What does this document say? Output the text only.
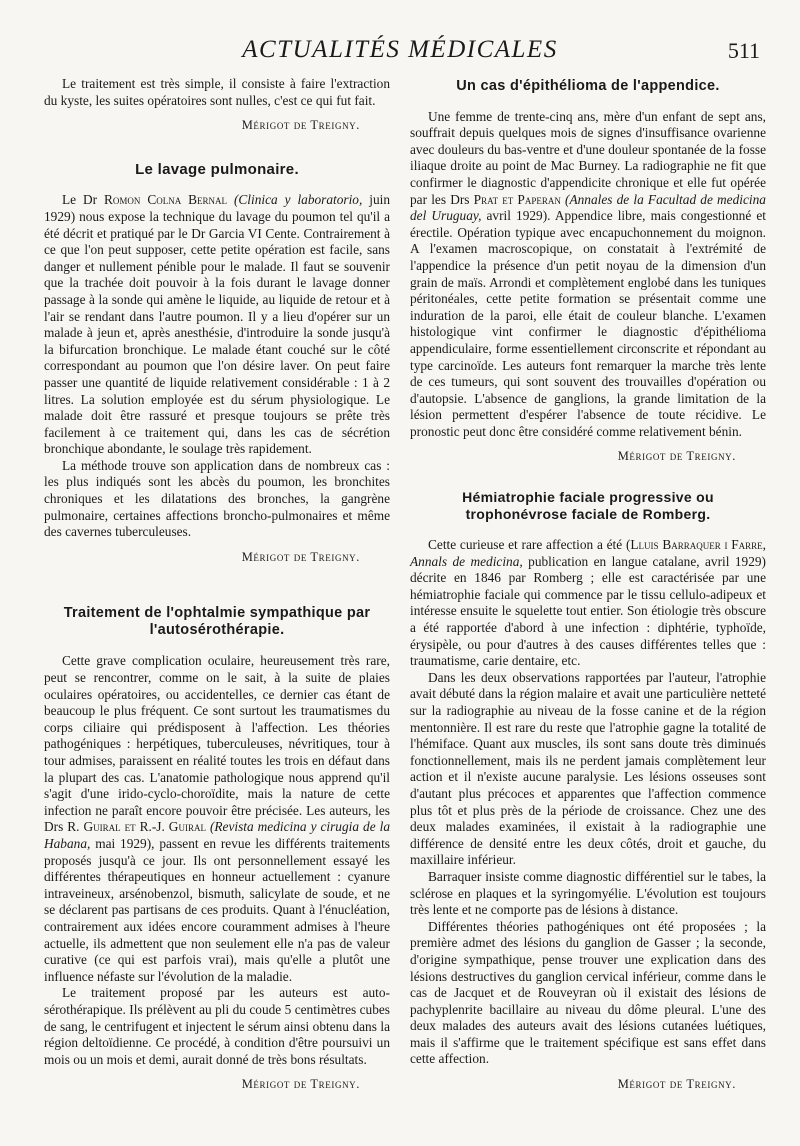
ACTUALITÉS MÉDICALES	511

Le traitement est très simple, il consiste à faire l'extraction du kyste, les suites opératoires sont nulles, c'est ce qui fut fait.

Mérigot de Treigny.
Le lavage pulmonaire.

Le Dr Romon Colna Bernal (Clinica y laboratorio, juin 1929) nous expose la technique du lavage du poumon tel qu'il a été décrit et pratiqué par le Dr Garcia VI Cente. Contrairement à ce que l'on peut supposer, cette petite opération est facile, sans danger et nullement pénible pour le malade. Il faut se souvenir que la trachée doit pouvoir à la fois durant le lavage donner passage à la sonde qui amène le liquide, au liquide de retour et à l'air se rendant dans l'autre poumon. Il y a lieu d'opérer sur un malade à jeun et, après anesthésie, d'introduire la sonde jusqu'à la bifurcation bronchique. Le malade étant couché sur le côté correspondant au poumon que l'on désire laver. On peut faire passer une quantité de liquide relativement considérable : 1 à 2 litres. La solution employée est du sérum physiologique. Le malade doit être rassuré et presque toujours se prête très facilement à ce traitement qui, dans les cas de sécrétion bronchique abondante, le soulage très rapidement.

La méthode trouve son application dans de nombreux cas : les plus indiqués sont les abcès du poumon, les bronchites chroniques et les dilatations des bronches, la gangrène pulmonaire, certaines affections broncho-pulmonaires et même des cavernes tuberculeuses.

Mérigot de Treigny.
Traitement de l'ophtalmie sympathique par l'autosérothérapie.

Cette grave complication oculaire, heureusement très rare, peut se rencontrer, comme on le sait, à la suite de plaies oculaires opératoires, ou accidentelles, ce dernier cas étant de beaucoup le plus fréquent. Ce sont surtout les traumatismes du corps ciliaire qui prédisposent à l'affection. Les théories pathogéniques : herpétiques, tuberculeuses, névritiques, tour à tour admises, paraissent en réalité toutes les trois en défaut dans la plupart des cas. L'anatomie pathologique nous apprend qu'il s'agit d'une irido-cyclo-choroïdite, mais la nature de cette infection ne paraît encore pouvoir être précisée. Les auteurs, les Drs R. Guiral et R.-J. Guiral (Revista medicina y cirugia de la Habana, mai 1929), passent en revue les différents traitements proposés jusqu'à ce jour. Ils ont personnellement essayé les différentes thérapeutiques en honneur actuellement : cyanure intraveineux, arsénobenzol, bismuth, salicylate de soude, et ne se déclarent pas partisans de ces produits. Quant à l'énucléation, contrairement aux idées encore couramment admises à l'heure actuelle, ils admettent que non seulement elle n'a pas de valeur curative (ce qui est parfois vrai), mais qu'elle a plutôt une influence néfaste sur l'évolution de la maladie.

Le traitement proposé par les auteurs est auto-sérothérapique. Ils prélèvent au pli du coude 5 centimètres cubes de sang, le centrifugent et injectent le sérum ainsi obtenu dans la région deltoïdienne. Ce procédé, à condition d'être poursuivi un mois ou un mois et demi, aurait donné de très bons résultats.

Mérigot de Treigny.
Un cas d'épithélioma de l'appendice.

Une femme de trente-cinq ans, mère d'un enfant de sept ans, souffrait depuis quelques mois de signes d'insuffisance ovarienne avec douleurs du bas-ventre et d'une douleur spontanée de la fosse iliaque droite au point de Mac Burney. La radiographie ne fit que confirmer le diagnostic d'appendicite chronique et elle fut opérée par les Drs Prat et Paperan (Annales de la Facultad de medicina del Uruguay, avril 1929). Appendice libre, mais congestionné et érectile. Opération typique avec encapuchonnement du moignon. A l'examen macroscopique, on constatait à l'extrémité de l'appendice la présence d'un petit noyau de la dimension d'un grain de maïs. Arrondi et complètement englobé dans les tuniques péritonéales, cette petite formation se présentait comme une induration de la paroi, elle était de couleur blanche. L'examen histologique vint confirmer le diagnostic d'épithélioma appendiculaire, forme essentiellement circonscrite et répondant au type carcinoïde. Les auteurs font remarquer la marche très lente de ces tumeurs, qui sont souvent des trouvailles d'opération ou d'autopsie. L'absence de ganglions, la grande limitation de la lésion permettent d'espérer l'absence de toute récidive. Le pronostic peut donc être considéré comme relativement bénin.

Mérigot de Treigny.
Hémiatrophie faciale progressive ou trophonévrose faciale de Romberg.

Cette curieuse et rare affection a été (Lluis Barraquer i Farre, Annals de medicina, publication en langue catalane, avril 1929) décrite en 1846 par Romberg ; elle est caractérisée par une hémiatrophie faciale qui commence par le tissu cellulo-adipeux et intéresse ensuite le squelette tout entier. Son étiologie très obscure a été rapportée d'abord à une infection : diphtérie, typhoïde, érysipèle, ou pour d'autres à des causes différentes telles que : traumatisme, carie dentaire, etc.

Dans les deux observations rapportées par l'auteur, l'atrophie avait débuté dans la région malaire et avait une particulière netteté sur la radiographie au niveau de la fosse canine et de la région mentonnière. Il est rare du reste que l'atrophie gagne la totalité de l'hémiface. Quant aux muscles, ils sont sans doute très diminués fonctionnellement, mais ils ne perdent jamais complètement leur action et il n'existe aucune paralysie. Les lésions osseuses sont d'autant plus précoces et apparentes que l'affection commence plus tôt et plus près de la période de croissance. Chez une des deux malades examinées, il existait à la radiographie une différence de densité entre les deux côtés, droit et gauche, du maxillaire inférieur.

Barraquer insiste comme diagnostic différentiel sur le tabes, la sclérose en plaques et la syringomyélie. L'évolution est toujours très lente et ne comporte pas de lésions à distance.

Différentes théories pathogéniques ont été proposées ; la première admet des lésions du ganglion de Gasser ; la seconde, d'origine sympathique, pense trouver une explication dans des lésions destructives du ganglion cervical inférieur, comme dans le cas de Jacquet et de Rouveyran où il existait des lésions de pachyplenrite bacillaire au niveau du dôme pleural. L'une des deux malades des auteurs avait des lésions cutanées luétiques, mais il s'affirme que le traitement spécifique est sans effet dans cette affection.

Mérigot de Treigny.
